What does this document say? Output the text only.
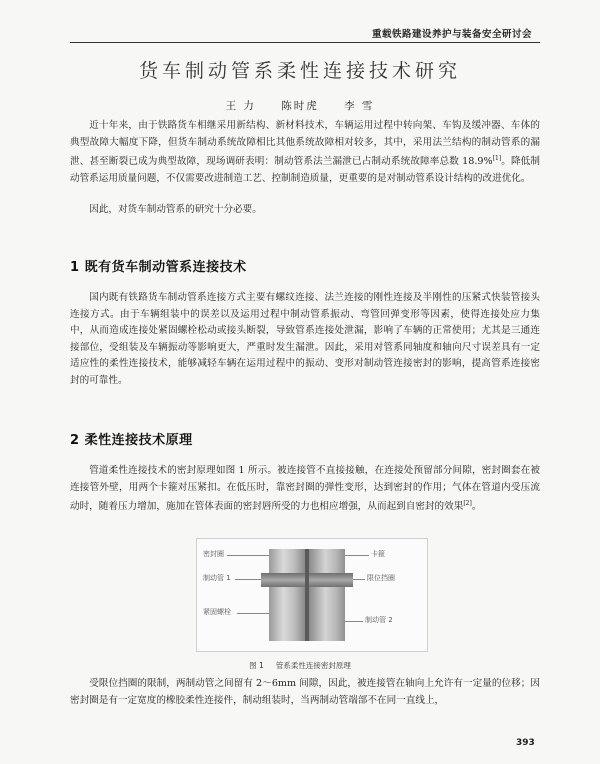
重载铁路建设养护与装备安全研讨会
货车制动管系柔性连接技术研究
王 力 陈时虎 李 雪
近十年来，由于铁路货车相继采用新结构、新材料技术，车辆运用过程中转向架、车钩及缓冲器、车体的典型故障大幅度下降，但货车制动系统故障相比其他系统故障相对较多，其中，采用法兰结构的制动管系的漏泄、甚至断裂已成为典型故障，现场调研表明：制动管系法兰漏泄已占制动系统故障率总数 18.9%[1]。降低制动管系运用质量问题，不仅需要改进制造工艺、控制制造质量，更重要的是对制动管系设计结构的改进优化。
因此，对货车制动管系的研究十分必要。
1 既有货车制动管系连接技术
国内既有铁路货车制动管系连接方式主要有螺纹连接、法兰连接的刚性连接及半刚性的压紧式快装管接头连接方式。由于车辆组装中的误差以及运用过程中制动管系振动、弯管回弹变形等因素，使得连接处应力集中，从而造成连接处紧固螺栓松动或接头断裂，导致管系连接处泄漏，影响了车辆的正常使用；尤其是三通连接部位，受组装及车辆振动等影响更大，严重时发生漏泄。因此，采用对管系同轴度和轴向尺寸误差具有一定适应性的柔性连接技术，能够减轻车辆在运用过程中的振动、变形对制动管连接密封的影响，提高管系连接密封的可靠性。
2 柔性连接技术原理
管道柔性连接技术的密封原理如图 1 所示。被连接管不直接接触，在连接处预留部分间隙，密封圈套在被连接管外壁，用两个卡箍对压紧扣。在低压时，靠密封圈的弹性变形，达到密封的作用；气体在管道内受压流动时，随着压力增加，施加在管体表面的密封唇所受的力也相应增强，从而起到自密封的效果[2]。
密封圈	卡箍
制动管 1	限位挡圈
紧固螺栓
制动管 2
图 1 管系柔性连接密封原理
受限位挡圈的限制，两制动管之间留有 2～6mm 间隙，因此，被连接管在轴向上允许有一定量的位移；因密封圈是有一定宽度的橡胶柔性连接件，制动组装时，当两制动管端部不在同一直线上，
393
